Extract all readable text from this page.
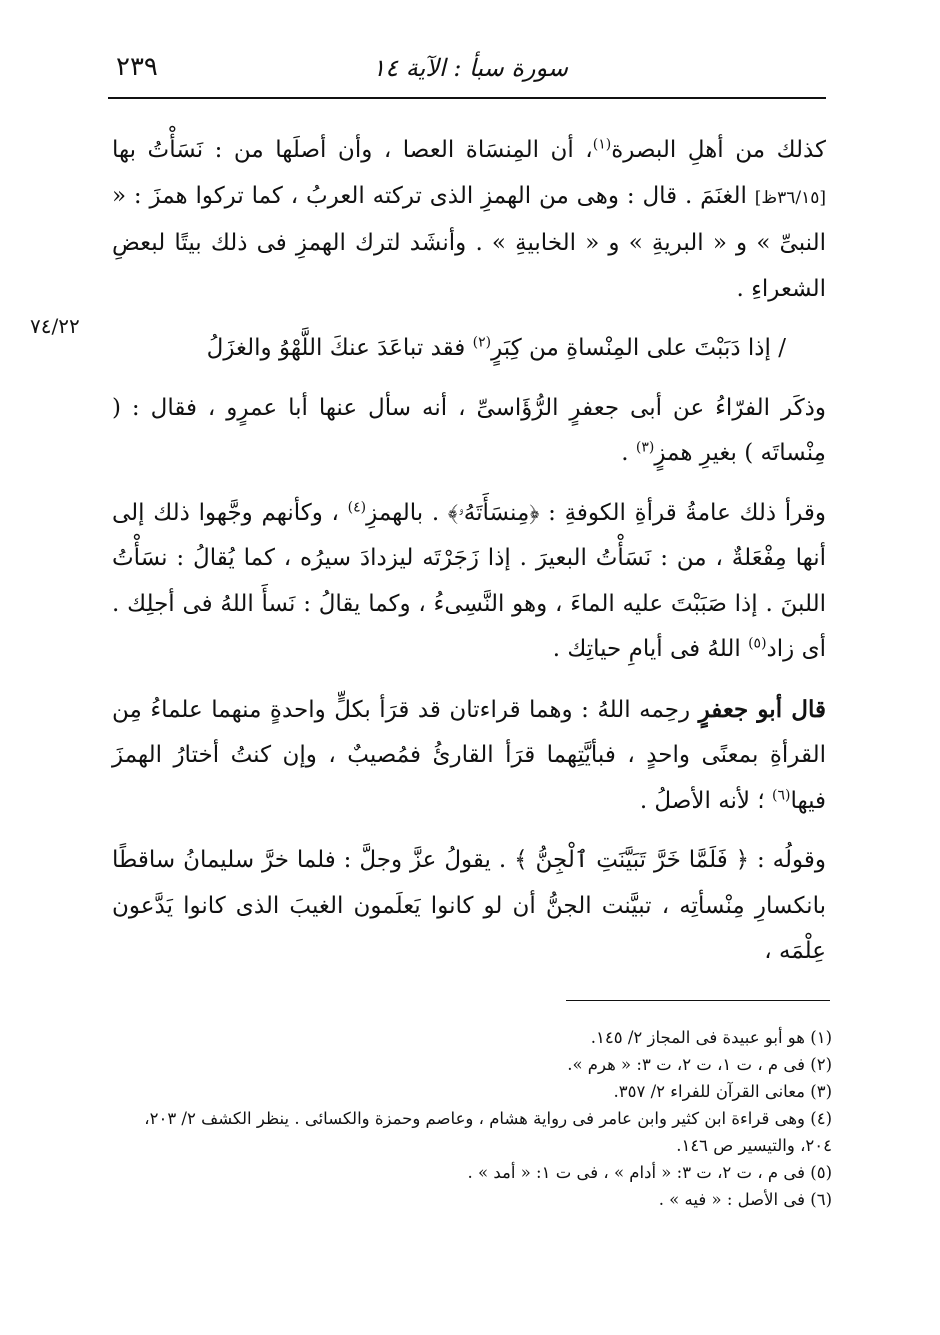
سورة سبأ : الآية ١٤
٢٣٩
٧٤/٢٢

كذلك من أهلِ البصرة$^{(١)}$، أن المِنسَاة العصا ، وأن أصلَها من : نَسَأْتُ بها [٣٦/١٥ظ] الغنَمَ . قال : وهى من الهمزِ الذى تركته العربُ ، كما تركوا همزَ : « النبىِّ » و « البريةِ » و « الخابيةِ » . وأنشَد لترك الهمزِ فى ذلك بيتًا لبعضِ الشعراءِ .

/ إذا دَبَبْتَ على المِنْساةِ من كِبَرٍ$^{(٢)}$ فقد تباعَدَ عنكَ اللَّهْوُ والغزَلُ

وذكَر الفرّاءُ عن أبى جعفرٍ الرُّؤَاسىِّ ، أنه سأل عنها أبا عمرٍو ، فقال : ( مِنْساتَه ) بغيرِ همزٍ$^{(٣)}$ .

وقرأ ذلك عامةُ قرأةِ الكوفةِ : ﴿مِنسَأَتَهُۥ﴾ . بالهمزِ$^{(٤)}$ ، وكأنهم وجَّهوا ذلك إلى أنها مِفْعَلةٌ ، من : نَسَأْتُ البعيرَ . إذا زَجَرْتَه ليزدادَ سيرُه ، كما يُقالُ : نسَأْتُ اللبنَ . إذا صَبَبْتَ عليه الماءَ ، وهو النَّسِىءُ ، وكما يقالُ : نَسأَ اللهُ فى أجلِك . أى زاد$^{(٥)}$ اللهُ فى أيامِ حياتِك .

قال أبو جعفرٍ رحِمه اللهُ : وهما قراءتان قد قرَأ بكلٍّ واحدةٍ منهما علماءُ مِن القرأةِ بمعنًى واحدٍ ، فبأيَّتِهما قرَأ القارئُ فمُصيبٌ ، وإن كنتُ أختارُ الهمزَ فيها$^{(٦)}$ ؛ لأنه الأصلُ .

وقولُه : ﴿ فَلَمَّا خَرَّ تَبَيَّنَتِ ٱلْجِنُّ ﴾ . يقولُ عزَّ وجلَّ : فلما خرَّ سليمانُ ساقطًا بانكسارِ مِنْسأتِه ، تبيَّنت الجنُّ أن لو كانوا يَعلَمون الغيبَ الذى كانوا يَدَّعون عِلْمَه ،

(١) هو أبو عبيدة فى المجاز ٢/ ١٤٥.

(٢) فى م ، ت ١، ت ٢، ت ٣: « هرم ».

(٣) معانى القرآن للفراء ٢/ ٣٥٧.

(٤) وهى قراءة ابن كثير وابن عامر فى رواية هشام ، وعاصم وحمزة والكسائى . ينظر الكشف ٢/ ٢٠٣، ٢٠٤، والتيسير ص ١٤٦.

(٥) فى م ، ت ٢، ت ٣: « أدام » ، فى ت ١: « أمد » .

(٦) فى الأصل : « فيه » .
